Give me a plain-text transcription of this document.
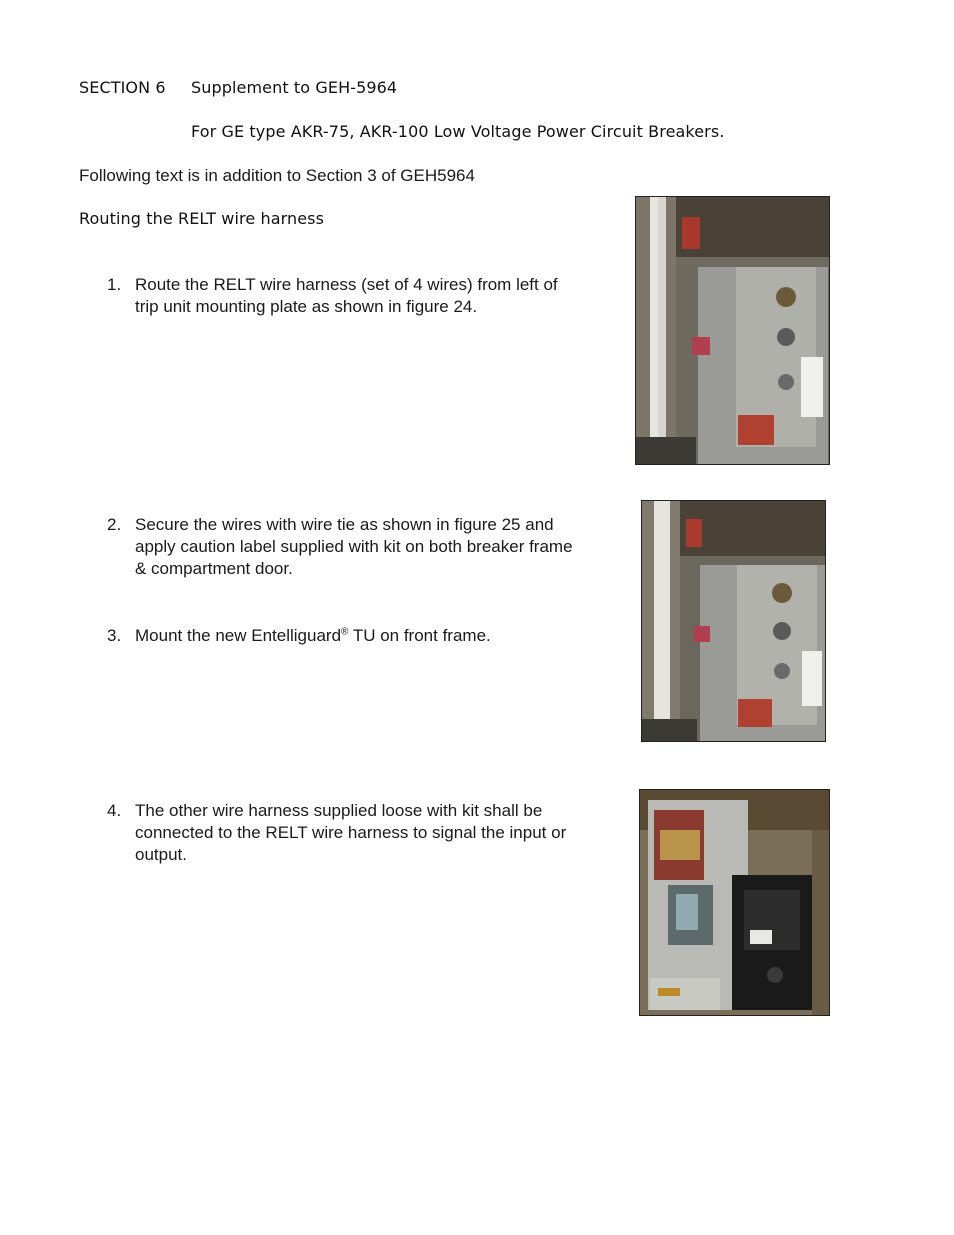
SECTION 6 Supplement to GEH-5964
For GE type AKR-75, AKR-100 Low Voltage Power Circuit Breakers.
Following text is in addition to Section 3 of GEH5964
Routing the RELT wire harness
1. Route the RELT wire harness (set of 4 wires) from left of trip unit mounting plate as shown in figure 24.
2. Secure the wires with wire tie as shown in figure 25 and apply caution label supplied with kit on both breaker frame & compartment door.
3. Mount the new Entelliguard® TU on front frame.
4. The other wire harness supplied loose with kit shall be connected to the RELT wire harness to signal the input or output.
